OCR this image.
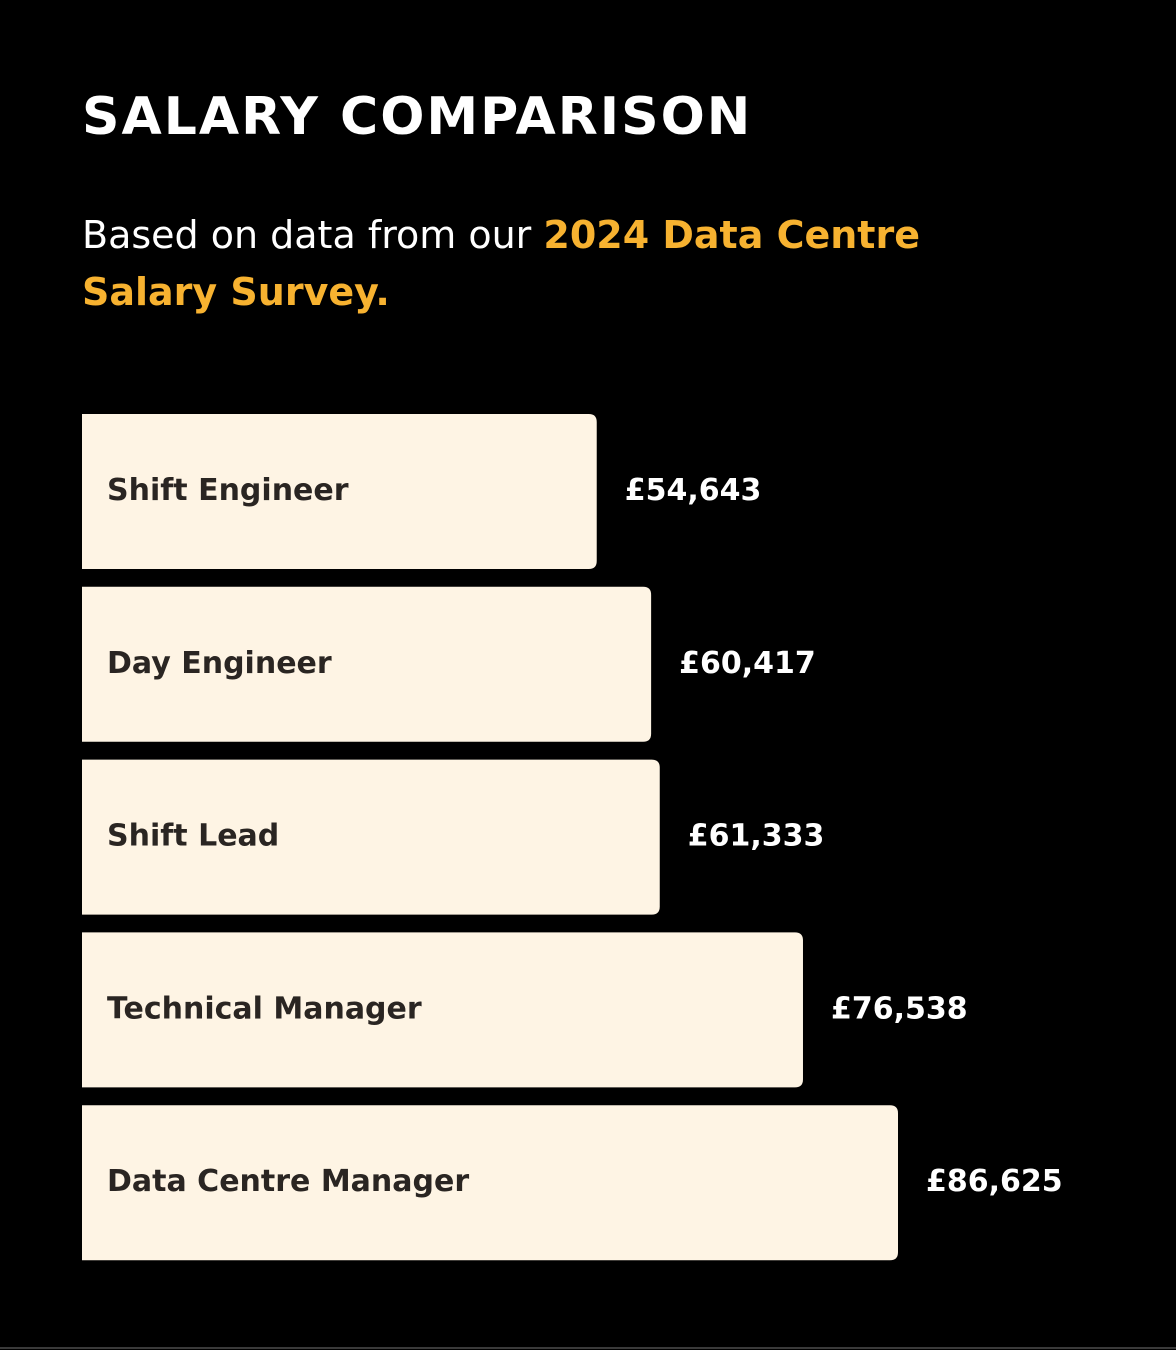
SALARY COMPARISON
Based on data from our 2024 Data Centre Salary Survey.
Shift Engineer	£54,643
Day Engineer	£60,417
Shift Lead	£61,333
Technical Manager	£76,538
Data Centre Manager	£86,625
